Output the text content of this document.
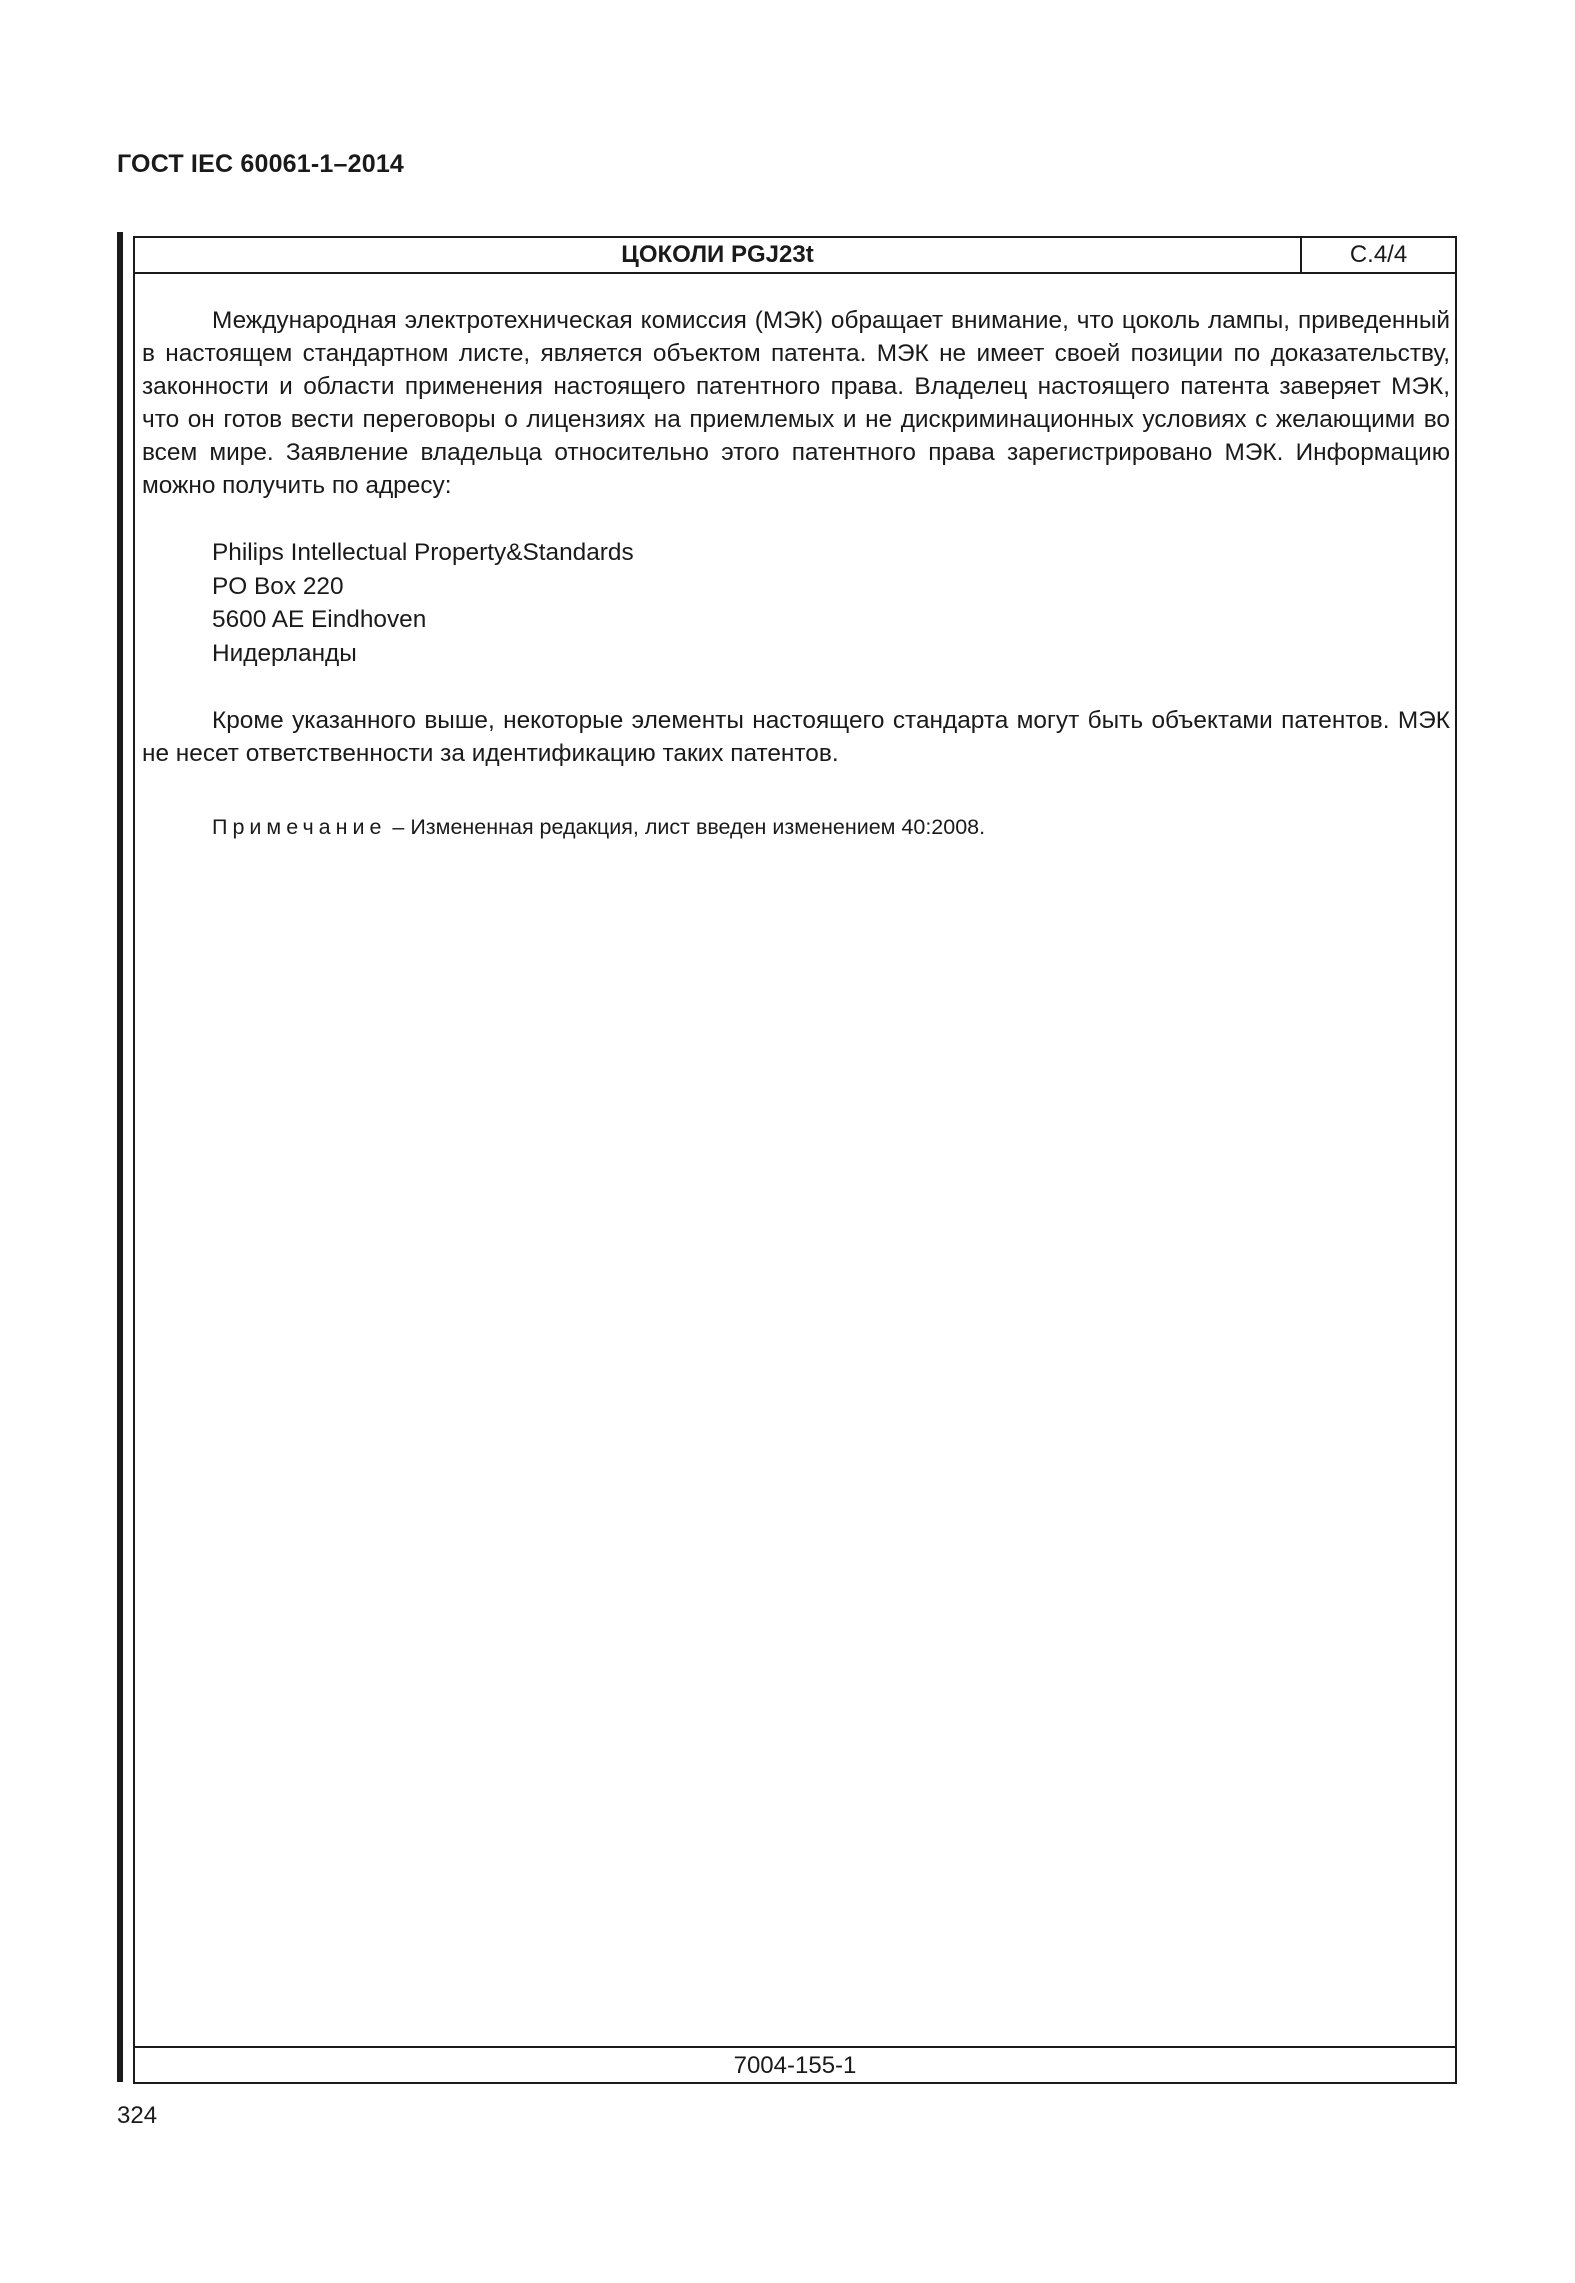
ГОСТ IEC 60061-1–2014
ЦОКОЛИ PGJ23t	С.4/4

Международная электротехническая комиссия (МЭК) обращает внимание, что цоколь лампы, приведенный в настоящем стандартном листе, является объектом патента. МЭК не имеет своей позиции по доказательству, законности и области применения настоящего патентного права. Владелец настоящего патента заверяет МЭК, что он готов вести переговоры о лицензиях на приемлемых и не дискриминационных условиях с желающими во всем мире. Заявление владельца относительно этого патентного права зарегистрировано МЭК. Информацию можно получить по адресу:

Philips Intellectual Property&Standards
PO Box 220
5600 AE Eindhoven
Нидерланды

Кроме указанного выше, некоторые элементы настоящего стандарта могут быть объектами патентов. МЭК не несет ответственности за идентификацию таких патентов.

Примечание – Измененная редакция, лист введен изменением 40:2008.
7004-155-1
324
